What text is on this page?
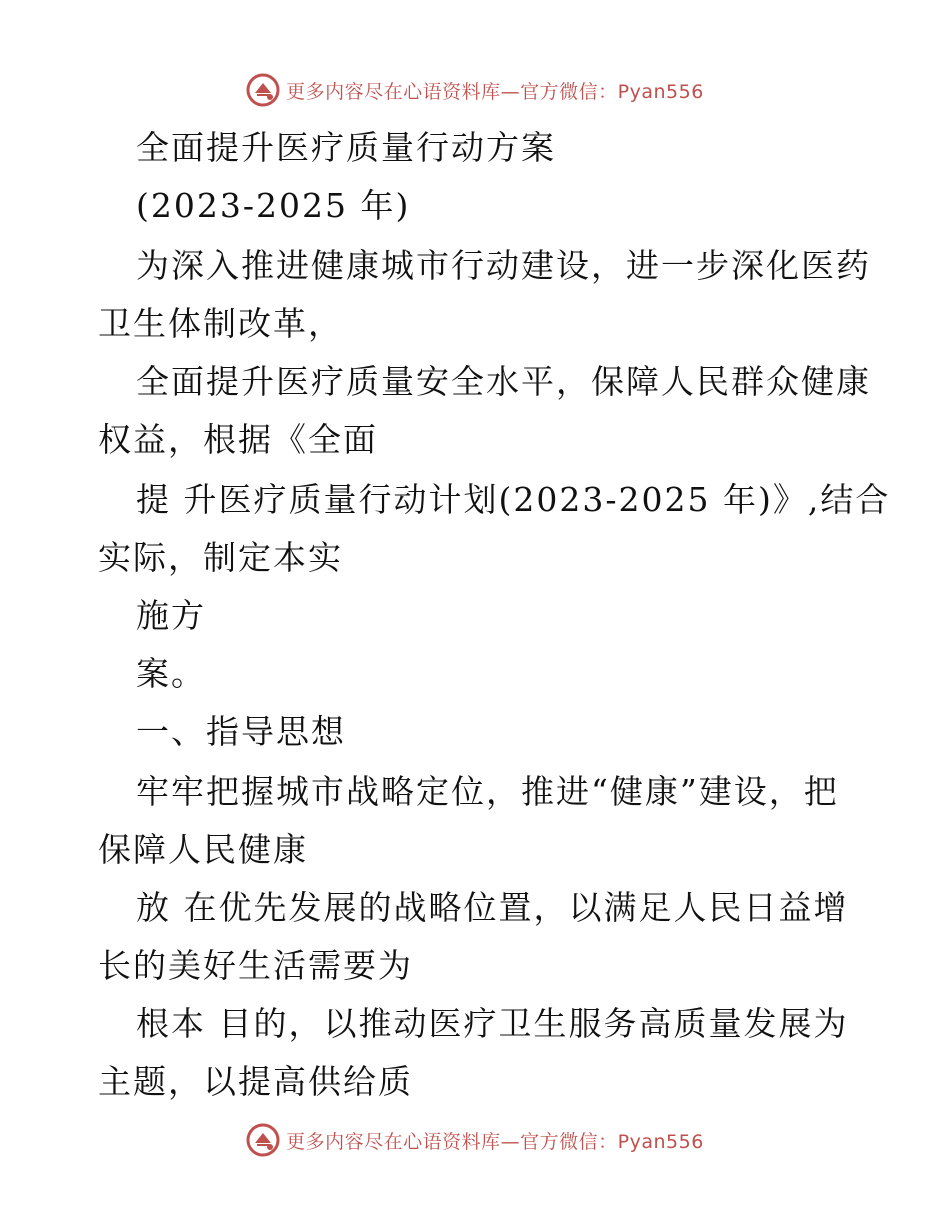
更多内容尽在心语资料库—官方微信：Pyan556
全面提升医疗质量行动方案
(2023-2025 年)
为深入推进健康城市行动建设，进一步深化医药
卫生体制改革，
全面提升医疗质量安全水平，保障人民群众健康
权益，根据《全面
提 升医疗质量行动计划(2023-2025 年)》,结合
实际，制定本实
施方
案。
一、指导思想
牢牢把握城市战略定位，推进“健康”建设，把
保障人民健康
放 在优先发展的战略位置，以满足人民日益增
长的美好生活需要为
根本 目的，以推动医疗卫生服务高质量发展为
主题，以提高供给质
更多内容尽在心语资料库—官方微信：Pyan556
